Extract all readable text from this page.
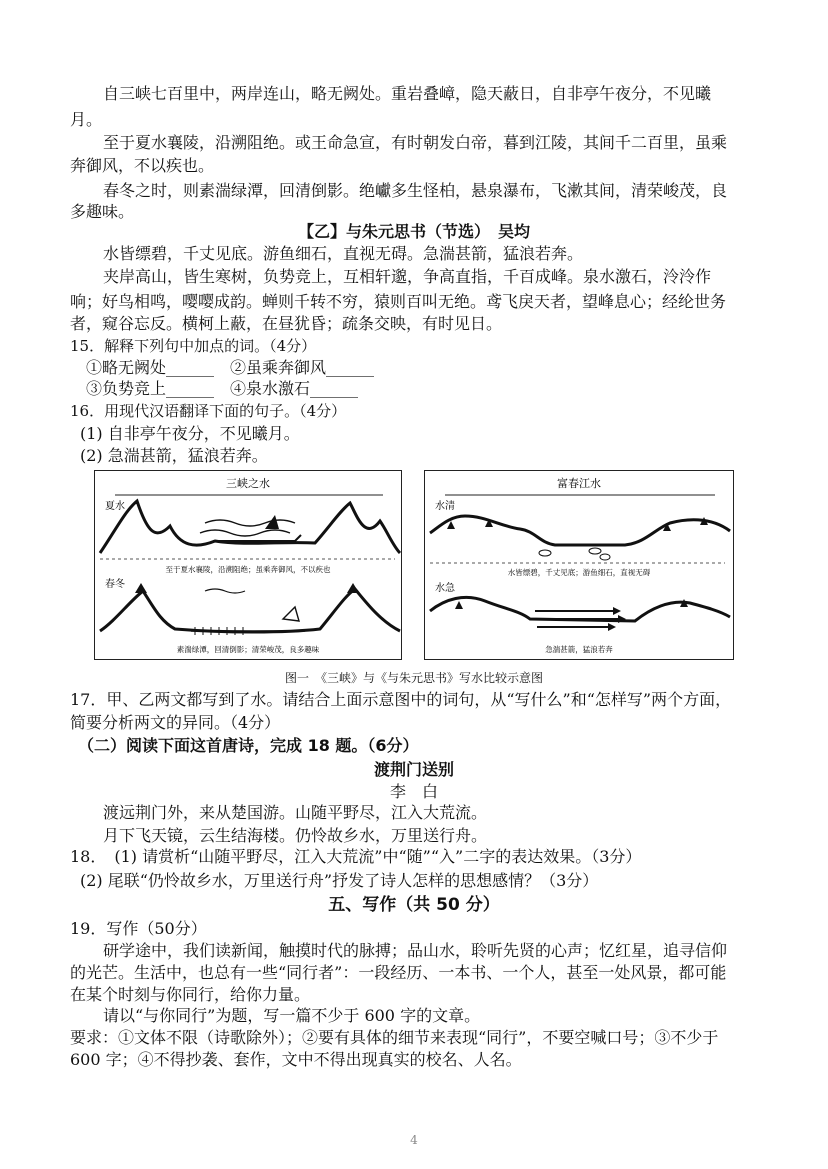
自三峡七百里中，两岸连山，略无阙处。重岩叠嶂，隐天蔽日，自非亭午夜分，不见曦
月。
至于夏水襄陵，沿溯阻绝。或王命急宣，有时朝发白帝，暮到江陵，其间千二百里，虽乘
奔御风，不以疾也。
春冬之时，则素湍绿潭，回清倒影。绝巘多生怪柏，悬泉瀑布，飞漱其间，清荣峻茂，良
多趣味。
【乙】与朱元思书（节选）　吴均
水皆缥碧，千丈见底。游鱼细石，直视无碍。急湍甚箭，猛浪若奔。
夹岸高山，皆生寒树，负势竞上，互相轩邈，争高直指，千百成峰。泉水激石，泠泠作
响；好鸟相鸣，嘤嘤成韵。蝉则千转不穷，猿则百叫无绝。鸢飞戾天者，望峰息心；经纶世务
者，窥谷忘反。横柯上蔽，在昼犹昏；疏条交映，有时见日。
15．解释下列句中加点的词。（4分）
①略无阙处______　②虽乘奔御风______
③负势竞上______　④泉水激石______
16．用现代汉语翻译下面的句子。（4分）
(1) 自非亭午夜分，不见曦月。
(2) 急湍甚箭，猛浪若奔。
三峡之水
夏水
至于夏水襄陵，沿溯阻绝；虽乘奔御风，不以疾也
春冬
素湍绿潭，回清倒影；清荣峻茂，良多趣味
富春江水
水清
水皆缥碧，千丈见底；游鱼细石，直视无碍
水急
急湍甚箭，猛浪若奔
图一　《三峡》与《与朱元思书》写水比较示意图
17．甲、乙两文都写到了水。请结合上面示意图中的词句，从“写什么”和“怎样写”两个方面，
简要分析两文的异同。（4分）
（二）阅读下面这首唐诗，完成 18 题。（6分）
渡荆门送别
李　白
渡远荆门外，来从楚国游。山随平野尽，江入大荒流。
月下飞天镜，云生结海楼。仍怜故乡水，万里送行舟。
18．　(1) 请赏析“山随平野尽，江入大荒流”中“随”“入”二字的表达效果。（3分）
(2) 尾联“仍怜故乡水，万里送行舟”抒发了诗人怎样的思想感情？（3分）
五、写作（共 50 分）
19．写作（50分）
研学途中，我们读新闻，触摸时代的脉搏；品山水，聆听先贤的心声；忆红星，追寻信仰
的光芒。生活中，也总有一些“同行者”：一段经历、一本书、一个人，甚至一处风景，都可能
在某个时刻与你同行，给你力量。
请以“与你同行”为题，写一篇不少于 600 字的文章。
要求：①文体不限（诗歌除外）；②要有具体的细节来表现“同行”，不要空喊口号；③不少于
600 字；④不得抄袭、套作，文中不得出现真实的校名、人名。
4
